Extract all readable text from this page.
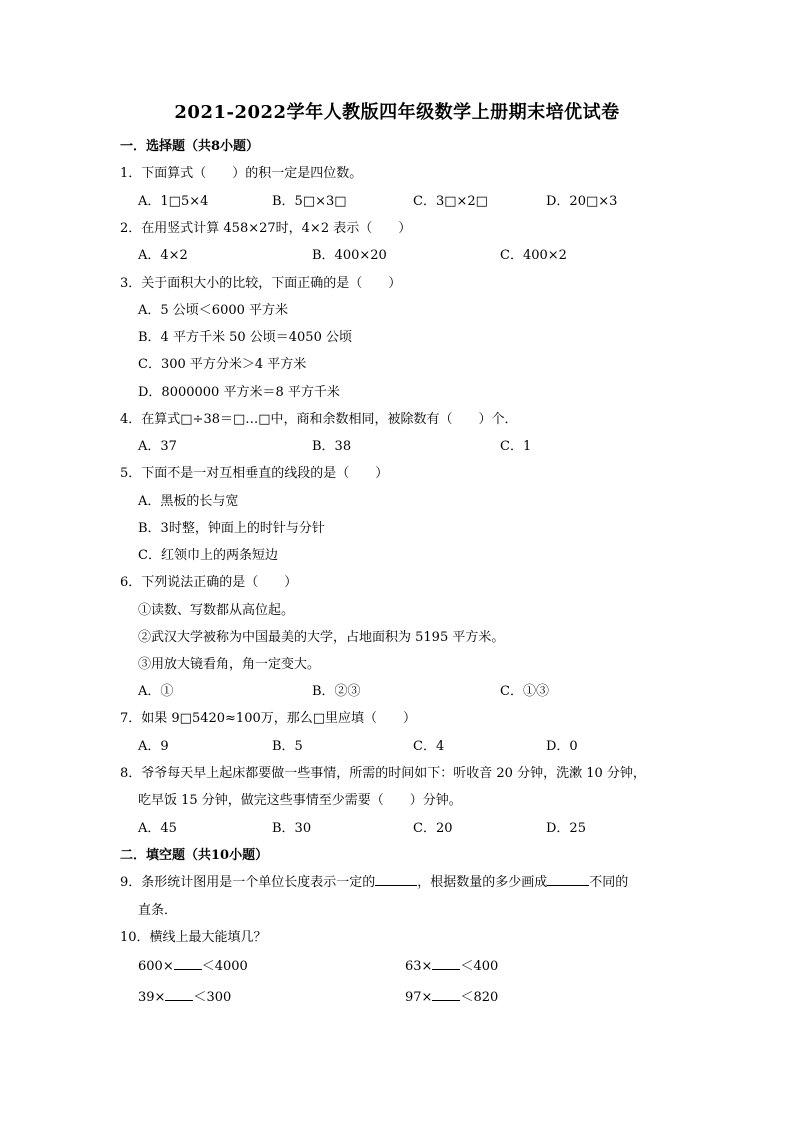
2021-2022学年人教版四年级数学上册期末培优试卷
一．选择题（共8小题）
1．下面算式（　　）的积一定是四位数。
A．1□5×4	B．5□×3□	C．3□×2□	D．20□×3
2．在用竖式计算 458×27时，4×2 表示（　　）
A．4×2	B．400×20	C．400×2
3．关于面积大小的比较，下面正确的是（　　）
A．5 公顷＜6000 平方米
B．4 平方千米 50 公顷＝4050 公顷
C．300 平方分米＞4 平方米
D．8000000 平方米＝8 平方千米
4．在算式□÷38＝□…□中，商和余数相同，被除数有（　　）个．
A．37	B．38	C．1
5．下面不是一对互相垂直的线段的是（　　）
A．黑板的长与宽
B．3时整，钟面上的时针与分针
C．红领巾上的两条短边
6．下列说法正确的是（　　）
①读数、写数都从高位起。
②武汉大学被称为中国最美的大学，占地面积为 5195 平方米。
③用放大镜看角，角一定变大。
A．①	B．②③	C．①③
7．如果 9□5420≈100万，那么□里应填（　　）
A．9	B．5	C．4	D．0
8．爷爷每天早上起床都要做一些事情，所需的时间如下：听收音 20 分钟，洗漱 10 分钟，
吃早饭 15 分钟，做完这些事情至少需要（　　）分钟。
A．45	B．30	C．20	D．25
二．填空题（共10小题）
9．条形统计图用是一个单位长度表示一定的	，根据数量的多少画成	不同的
直条．
10．横线上最大能填几？
600× ＜4000	63× ＜400
39× ＜300	97× ＜820
